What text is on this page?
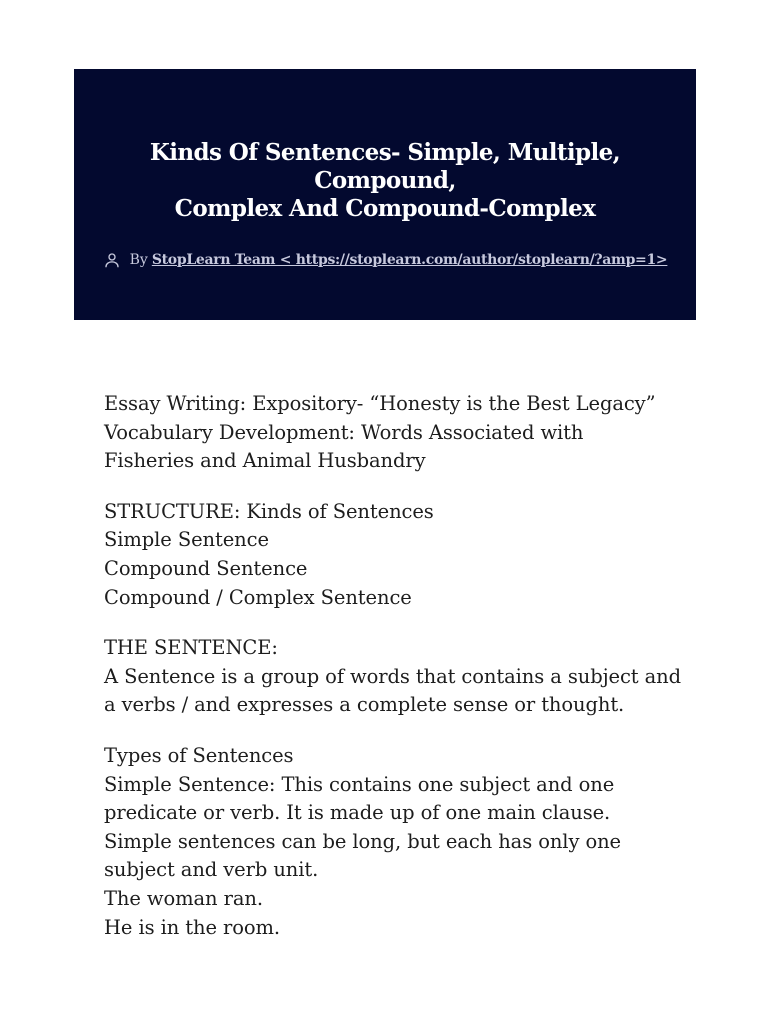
Kinds Of Sentences- Simple, Multiple, Compound,
Complex And Compound-Complex
By StopLearn Team < https://stoplearn.com/author/stoplearn/?amp=1>

Essay Writing: Expository- “Honesty is the Best Legacy”
Vocabulary Development: Words Associated with
Fisheries and Animal Husbandry

STRUCTURE: Kinds of Sentences
Simple Sentence
Compound Sentence
Compound / Complex Sentence

THE SENTENCE:
A Sentence is a group of words that contains a subject and
a verbs / and expresses a complete sense or thought.

Types of Sentences
Simple Sentence: This contains one subject and one
predicate or verb. It is made up of one main clause.
Simple sentences can be long, but each has only one
subject and verb unit.
The woman ran.
He is in the room.
